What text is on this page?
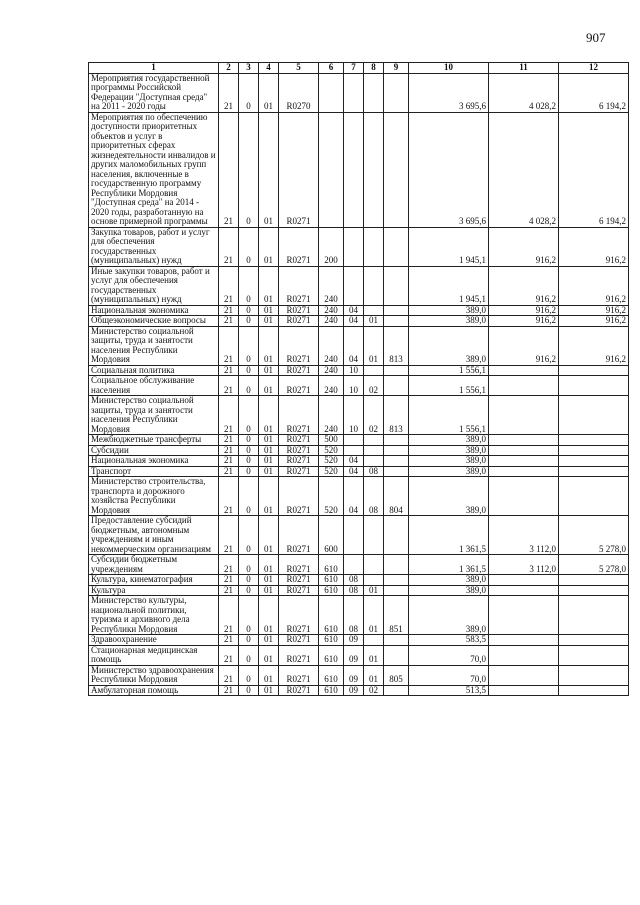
907
1	2	3	4	5	6	7	8	9	10	11	12
Мероприятия государственной программы Российской Федерации "Доступная среда" на 2011 - 2020 годы	21	0	01	R0270					3 695,6	4 028,2	6 194,2
Мероприятия по обеспечению доступности приоритетных объектов и услуг в приоритетных сферах жизнедеятельности инвалидов и других маломобильных групп населения, включенные в государственную программу Республики Мордовия "Доступная среда" на 2014 - 2020 годы, разработанную на основе примерной программы	21	0	01	R0271					3 695,6	4 028,2	6 194,2
Закупка товаров, работ и услуг для обеспечения государственных (муниципальных) нужд	21	0	01	R0271	200				1 945,1	916,2	916,2
Иные закупки товаров, работ и услуг для обеспечения государственных (муниципальных) нужд	21	0	01	R0271	240				1 945,1	916,2	916,2
Национальная экономика	21	0	01	R0271	240	04			389,0	916,2	916,2
Общеэкономические вопросы	21	0	01	R0271	240	04	01		389,0	916,2	916,2
Министерство социальной защиты, труда и занятости населения Республики Мордовия	21	0	01	R0271	240	04	01	813	389,0	916,2	916,2
Социальная политика	21	0	01	R0271	240	10			1 556,1		
Социальное обслуживание населения	21	0	01	R0271	240	10	02		1 556,1		
Министерство социальной защиты, труда и занятости населения Республики Мордовия	21	0	01	R0271	240	10	02	813	1 556,1		
Межбюджетные трансферты	21	0	01	R0271	500				389,0		
Субсидии	21	0	01	R0271	520				389,0		
Национальная экономика	21	0	01	R0271	520	04			389,0		
Транспорт	21	0	01	R0271	520	04	08		389,0		
Министерство строительства, транспорта и дорожного хозяйства Республики Мордовия	21	0	01	R0271	520	04	08	804	389,0		
Предоставление субсидий бюджетным, автономным учреждениям и иным некоммерческим организациям	21	0	01	R0271	600				1 361,5	3 112,0	5 278,0
Субсидии бюджетным учреждениям	21	0	01	R0271	610				1 361,5	3 112,0	5 278,0
Культура, кинематография	21	0	01	R0271	610	08			389,0		
Культура	21	0	01	R0271	610	08	01		389,0		
Министерство культуры, национальной политики, туризма и архивного дела Республики Мордовия	21	0	01	R0271	610	08	01	851	389,0		
Здравоохранение	21	0	01	R0271	610	09			583,5		
Стационарная медицинская помощь	21	0	01	R0271	610	09	01		70,0		
Министерство здравоохранения Республики Мордовия	21	0	01	R0271	610	09	01	805	70,0		
Амбулаторная помощь	21	0	01	R0271	610	09	02		513,5		
